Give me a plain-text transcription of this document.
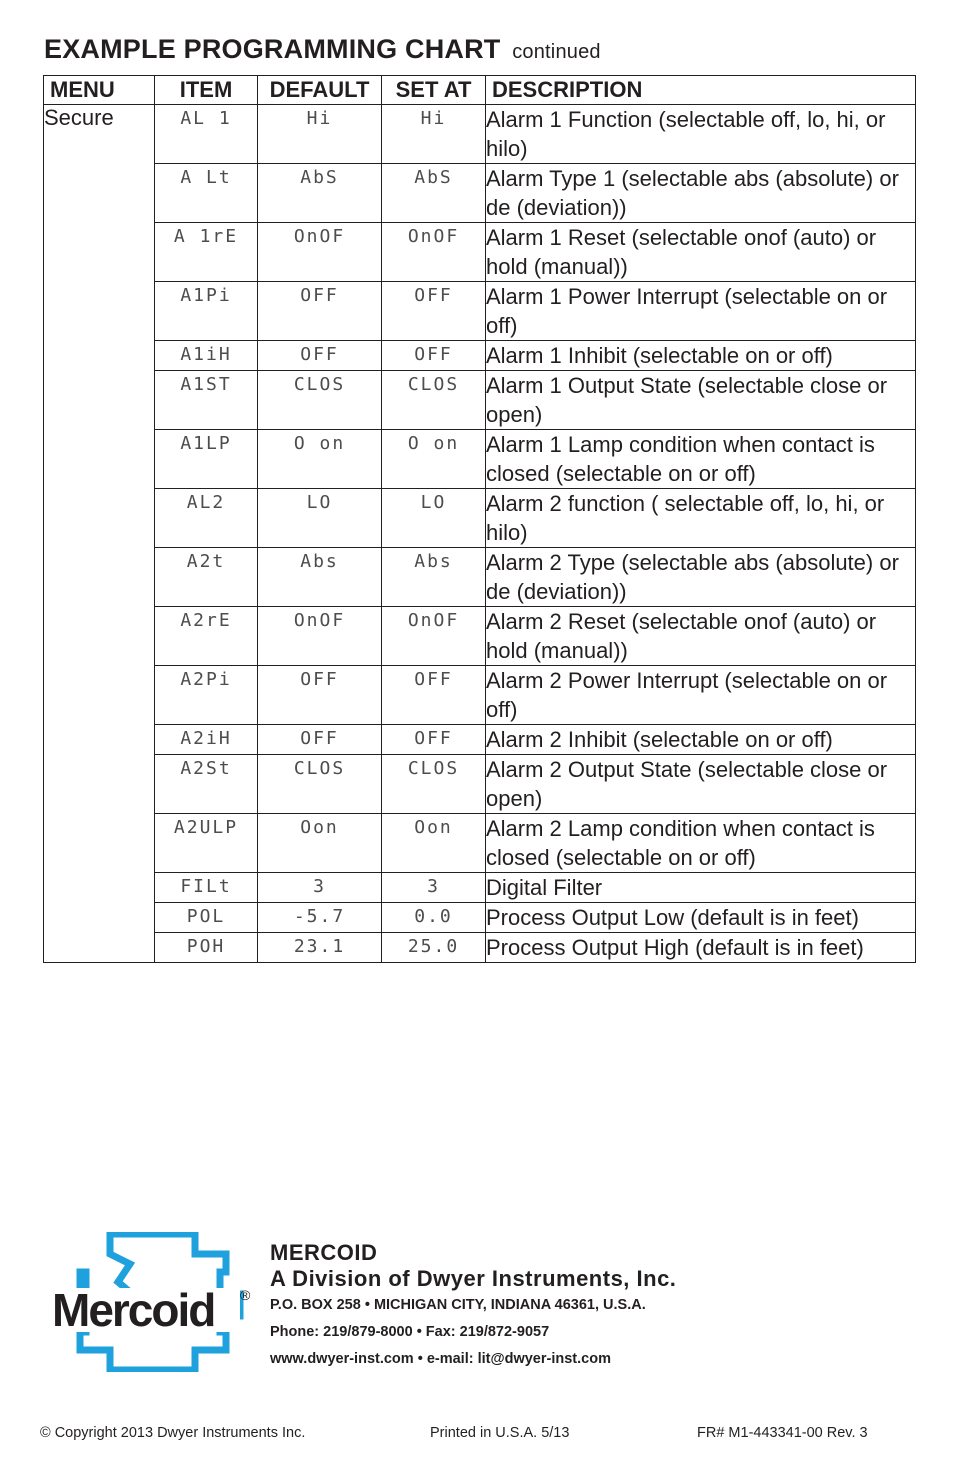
EXAMPLE PROGRAMMING CHART continued
MENU	ITEM	DEFAULT	SET AT	DESCRIPTION
Secure	AL 1	Hi	Hi	Alarm 1 Function (selectable off, lo, hi, or hilo)
	A Lt	AbS	AbS	Alarm Type 1 (selectable abs (absolute) or de (deviation))
	A 1rE	OnOF	OnOF	Alarm 1 Reset (selectable onof (auto) or hold (manual))
	A1Pi	OFF	OFF	Alarm 1 Power Interrupt (selectable on or off)
	A1iH	OFF	OFF	Alarm 1 Inhibit (selectable on or off)
	A1ST	CLOS	CLOS	Alarm 1 Output State (selectable close or open)
	A1LP	O on	O on	Alarm 1 Lamp condition when contact is closed (selectable on or off)
	AL2	LO	LO	Alarm 2 function ( selectable off, lo, hi, or hilo)
	A2t	Abs	Abs	Alarm 2 Type (selectable abs (absolute) or de (deviation))
	A2rE	OnOF	OnOF	Alarm 2 Reset (selectable onof (auto) or hold (manual))
	A2Pi	OFF	OFF	Alarm 2 Power Interrupt (selectable on or off)
	A2iH	OFF	OFF	Alarm 2 Inhibit (selectable on or off)
	A2St	CLOS	CLOS	Alarm 2 Output State (selectable close or open)
	A2ULP	Oon	Oon	Alarm 2 Lamp condition when contact is closed (selectable on or off)
	FILt	3	3	Digital Filter
	POL	-5.7	0.0	Process Output Low (default is in feet)
	POH	23.1	25.0	Process Output High (default is in feet)
Mercoid ®
MERCOID
A Division of Dwyer Instruments, Inc.
P.O. BOX 258 • MICHIGAN CITY, INDIANA 46361, U.S.A.
Phone: 219/879-8000 • Fax: 219/872-9057
www.dwyer-inst.com • e-mail: lit@dwyer-inst.com
© Copyright 2013 Dwyer Instruments Inc.	Printed in U.S.A. 5/13	FR# M1-443341-00 Rev. 3
